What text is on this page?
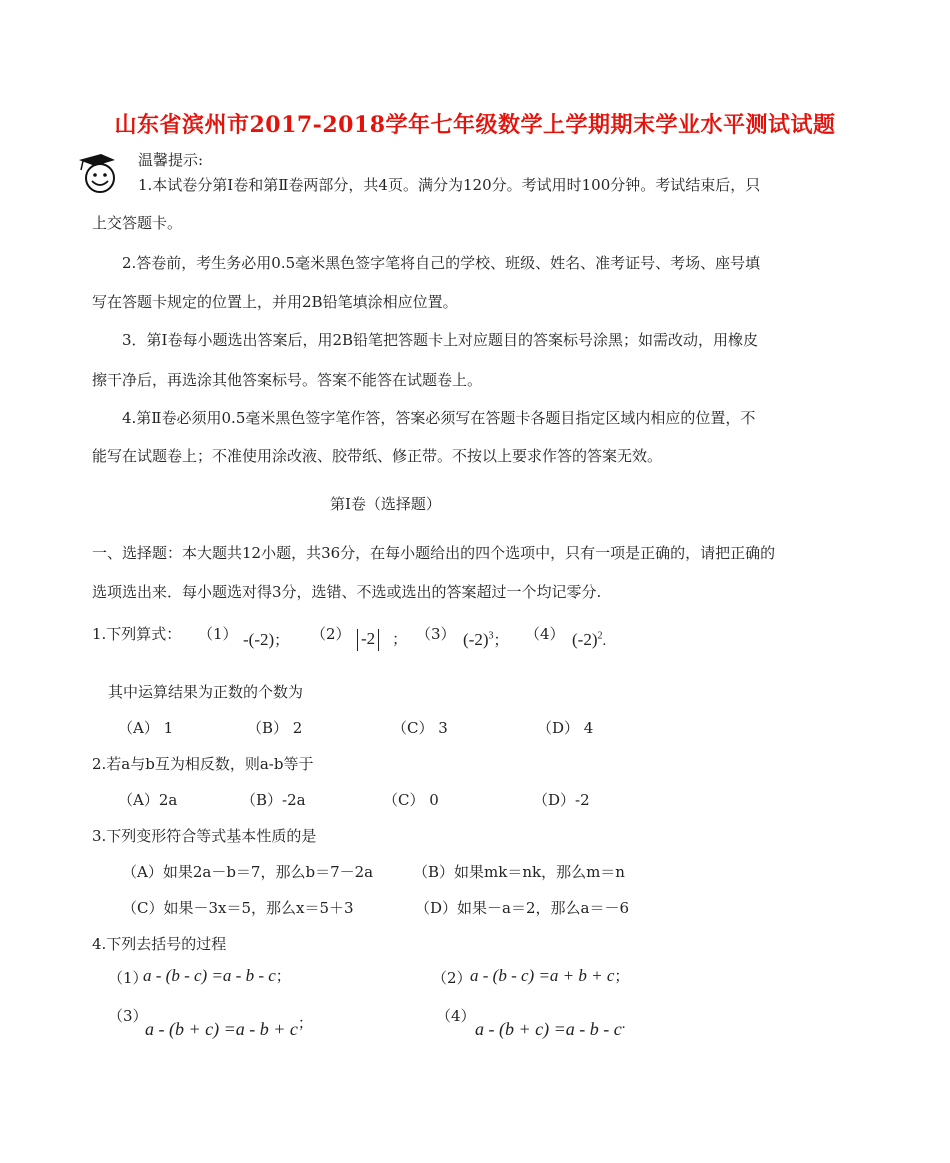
山东省滨州市2017-2018学年七年级数学上学期期末学业水平测试试题
温馨提示:
1.本试卷分第Ⅰ卷和第Ⅱ卷两部分，共4页。满分为120分。考试用时100分钟。考试结束后，只
上交答题卡。
2.答卷前，考生务必用0.5毫米黑色签字笔将自己的学校、班级、姓名、准考证号、考场、座号填
写在答题卡规定的位置上，并用2B铅笔填涂相应位置。
3．第Ⅰ卷每小题选出答案后，用2B铅笔把答题卡上对应题目的答案标号涂黑；如需改动，用橡皮
擦干净后，再选涂其他答案标号。答案不能答在试题卷上。
4.第Ⅱ卷必须用0.5毫米黑色签字笔作答，答案必须写在答题卡各题目指定区域内相应的位置，不
能写在试题卷上；不准使用涂改液、胶带纸、修正带。不按以上要求作答的答案无效。
第Ⅰ卷（选择题）
一、选择题：本大题共12小题，共36分，在每小题给出的四个选项中，只有一项是正确的，请把正确的
选项选出来．每小题选对得3分，选错、不选或选出的答案超过一个均记零分.
1.下列算式： （1） -(-2)； （2） -2 ； （3） $(-2)^3$； （4） $(-2)^2$.
其中运算结果为正数的个数为
（A） 1	（B） 2	（C） 3	（D） 4
2.若a与b互为相反数，则a-b等于
（A）2a	（B）-2a	（C） 0	（D）-2
3.下列变形符合等式基本性质的是
（A）如果2a－b＝7，那么b＝7－2a	（B）如果mk＝nk，那么m＝n
（C）如果－3x＝5，那么x＝5＋3	（D）如果－a＝2，那么a＝－6
4.下列去括号的过程
（1）
a - (b - c) =a - b - c；	（2）
a - (b - c) =a + b + c；
（3）
a - (b + c) =a - b + c；	（4）
a - (b + c) =a - b - c.
